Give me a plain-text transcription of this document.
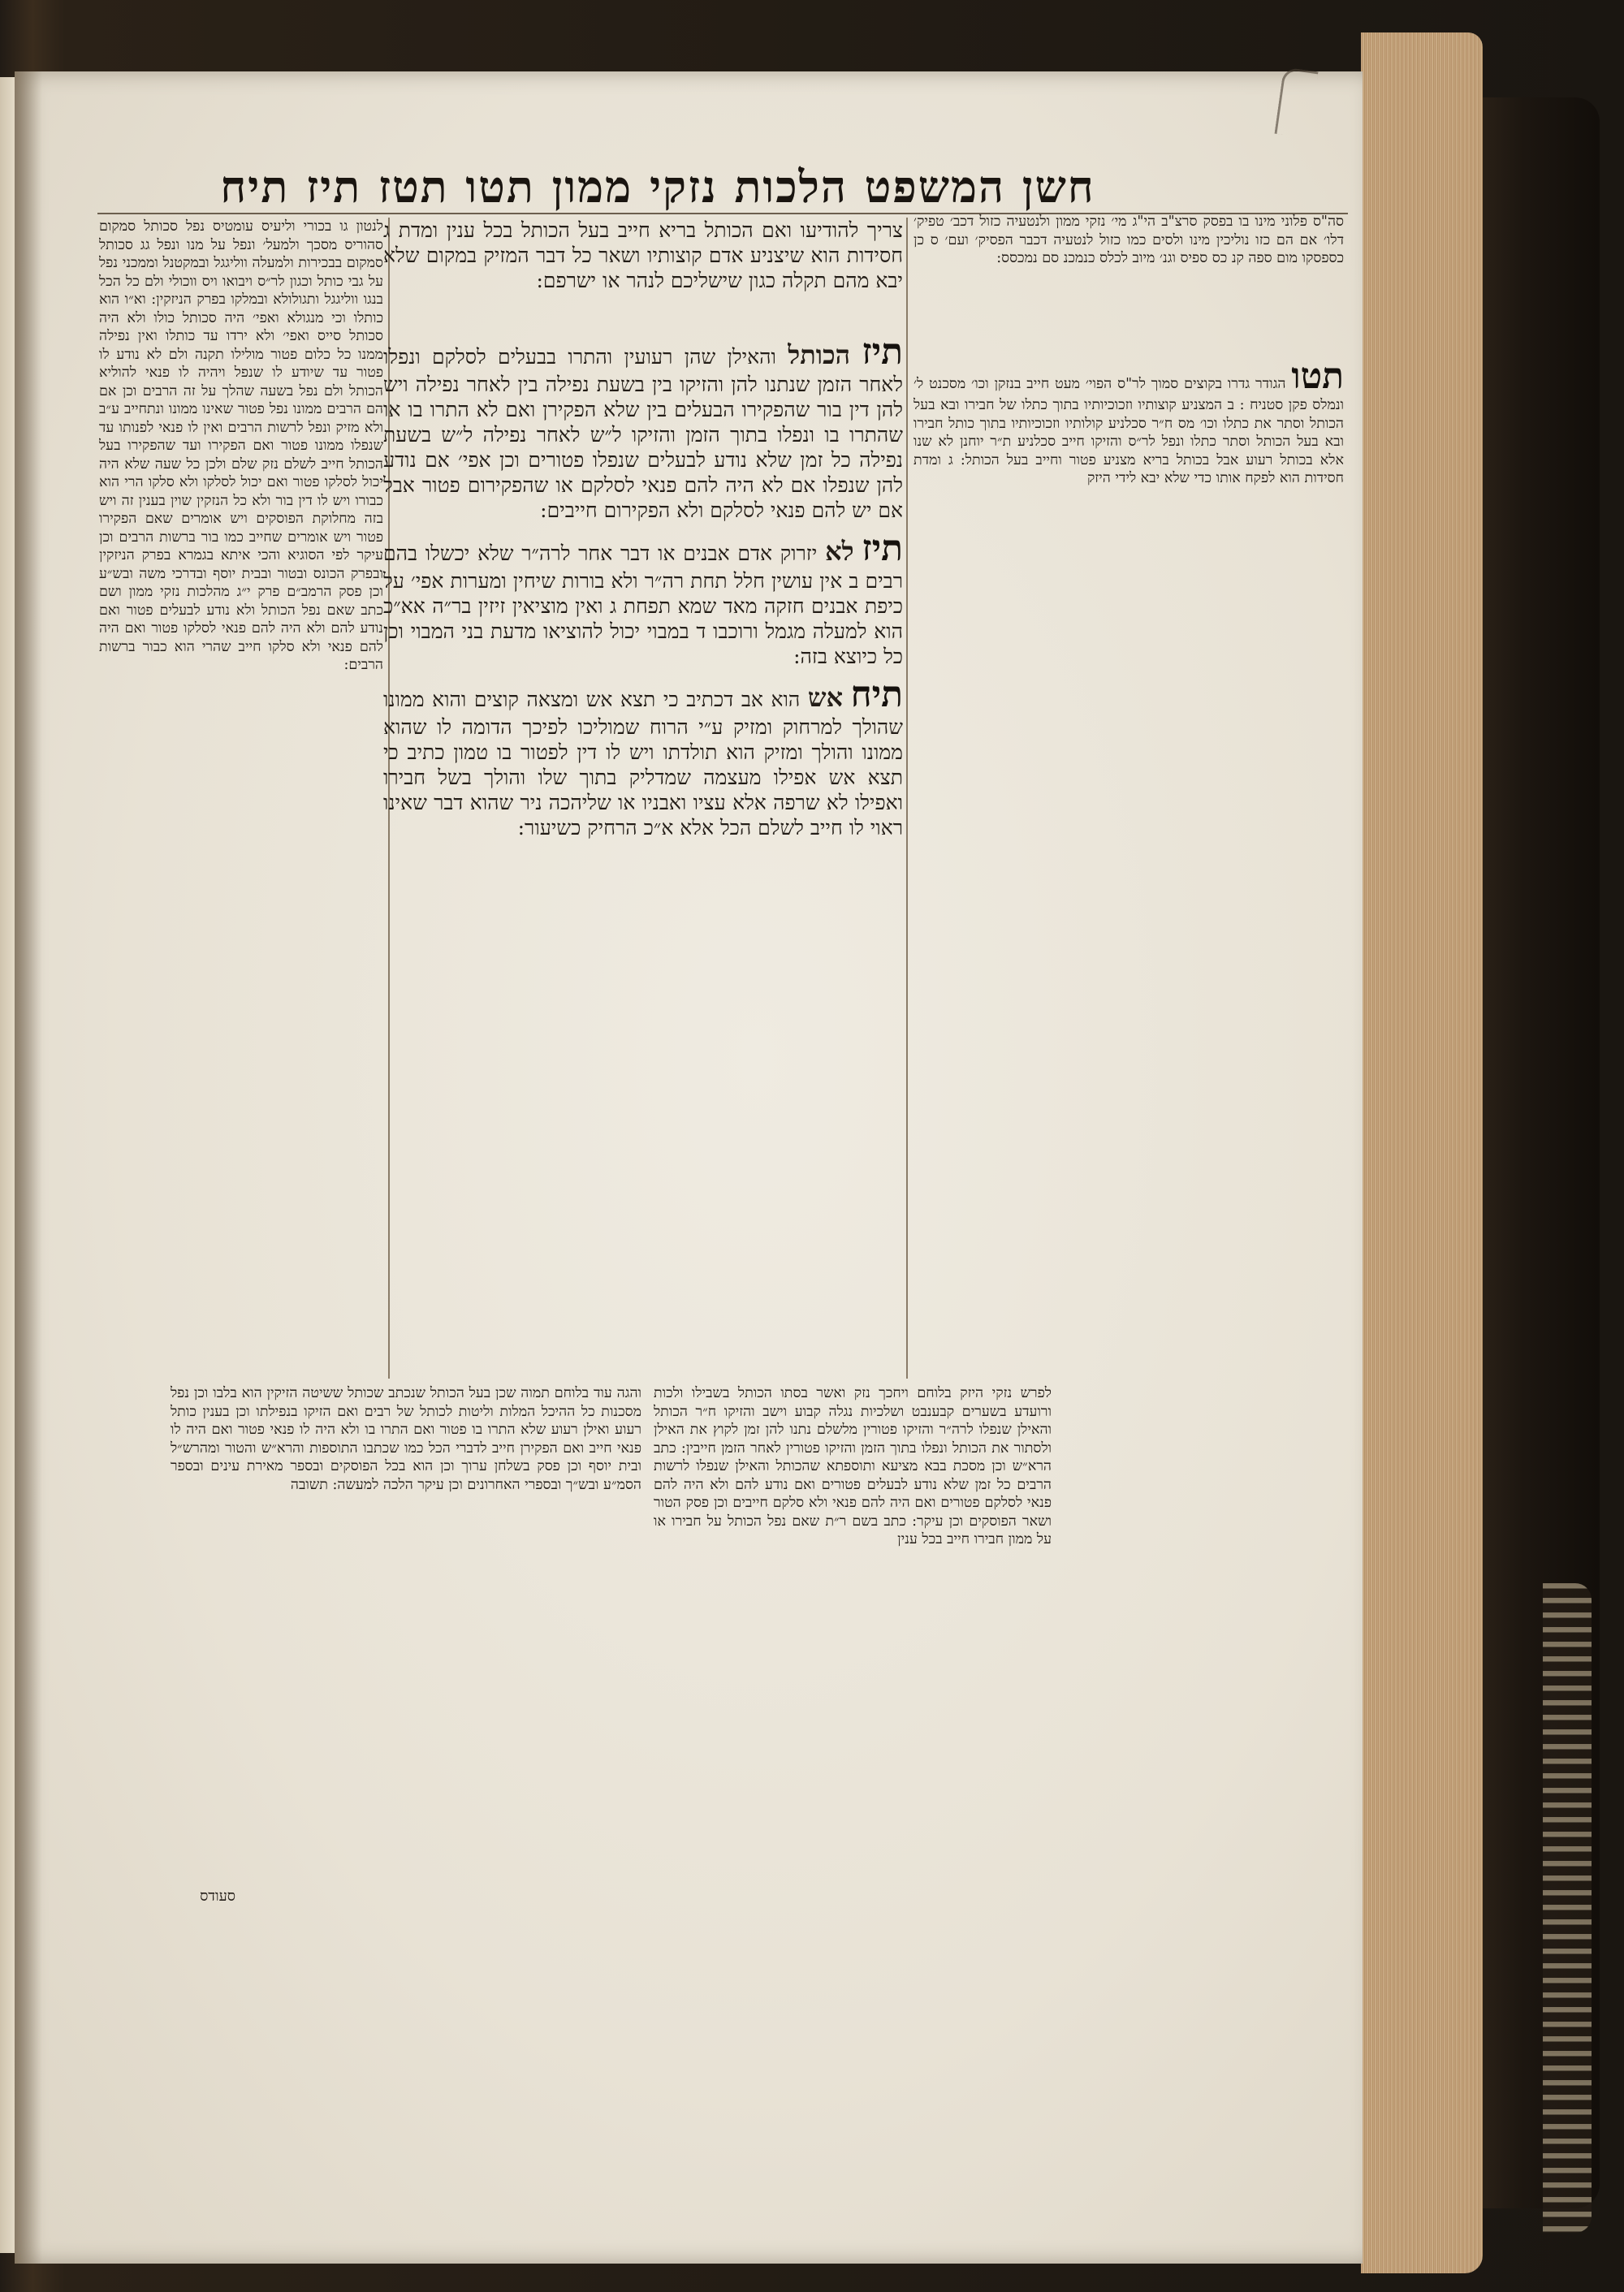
חשן המשפט הלכות נזקי ממון תטו תטז תיז תיח

סה"ס פלוני מינו בו בפסק סרצ"ב הי"ג מי׳ נזקי ממון ולנטעיה כזול דכב׳ טפיק׳ דלו׳ אם הם כזו נוליכין מינו ולסים כמו כזול לנטעיה דכבר הפסיק׳ ועם׳ ס כן כספסקו מום ספה קנ כס ספיס וגנ׳ מיוב לכלס כנמכנ סם נמכסס:

תטו הגודר גדרו בקוצים סמוך לר"ס הפוי׳ מעט חייב בנזקן וכו׳ מסכנט ל׳ ונמלס פקן סטניח : ב המצניע קוצותיו וזכוכיותיו בתוך כתלו של חבירו ובא בעל הכותל וסתר את כתלו וכו׳ מס ח״ר סכלניע קולותיו וזכוכיותיו בתוך כותל חבירו ובא בעל הכותל וסתר כתלו ונפל לר״ס והזיקו חייב סכלניע ת״ר יוחנן לא שנו אלא בכותל רעוע אבל בכותל בריא מצניע פטור וחייב בעל הכותל: ג ומדת חסידות הוא לפקח אותו כדי שלא יבא לידי היזק

צריך להודיעו ואם הכותל בריא חייב בעל הכותל בכל ענין ומדת ג חסידות הוא שיצניע אדם קוצותיו ושאר כל דבר המזיק במקום שלא יבא מהם תקלה כגון שישליכם לנהר או ישרפם:

תיז הכותל והאילן שהן רעועין והתרו בבעלים לסלקם ונפלו לאחר הזמן שנתנו להן והזיקו בין בשעת נפילה בין לאחר נפילה ויש להן דין בור שהפקירו הבעלים בין שלא הפקירן ואם לא התרו בו או שהתרו בו ונפלו בתוך הזמן והזיקו ל״ש לאחר נפילה ל״ש בשעת נפילה כל זמן שלא נודע לבעלים שנפלו פטורים וכן אפי׳ אם נודע להן שנפלו אם לא היה להם פנאי לסלקם או שהפקירום פטור אבל אם יש להם פנאי לסלקם ולא הפקירום חייבים:
תיז לא יזרוק אדם אבנים או דבר אחר לרה״ר שלא יכשלו בהם רבים ב אין עושין חלל תחת רה״ר ולא בורות שיחין ומערות אפי׳ על כיפת אבנים חזקה מאד שמא תפחת ג ואין מוציאין זיזין בר״ה אא״כ הוא למעלה מגמל ורוכבו ד במבוי יכול להוציאו מדעת בני המבוי וכן כל כיוצא בזה:
תיח אש הוא אב דכתיב כי תצא אש ומצאה קוצים והוא ממונו שהולך למרחוק ומזיק ע״י הרוח שמוליכו לפיכך הדומה לו שהוא ממונו והולך ומזיק הוא תולדתו ויש לו דין לפטור בו טמון כתיב כי תצא אש אפילו מעצמה שמדליק בתוך שלו והולך בשל חבירו ואפילו לא שרפה אלא עציו ואבניו או שליהכה ניר שהוא דבר שאינו ראוי לו חייב לשלם הכל אלא א״כ הרחיק כשיעור:

לנטון גו בכורי וליעיס עומטיס נפל סכותל סמקום סהוריס מסכך ולמעל׳ ונפל על מנו ונפל גג סכותל סמקום בבכירות ולמעלה ווליגגל ובמקטנל וממכני נפל על גבי כותל וכגון לר״ס ויבואו ויס ווכולי ולם כל הכל בנגו ווליגגל ותגולולא ובמלקו בפרק הניזקין: וא״ו הוא כותלו וכי מנגולא ואפי׳ היה סכותל כולו ולא היה סכותל סייס ואפי׳ ולא ירדו עד כותלו ואין נפילה ממנו כל כלום פטור מולילו תקנה ולם לא נודע לו פטור עד שיודע לו שנפל ויהיה לו פנאי להוליא הכותל ולם נפל בשעה שהלך על זה הרבים וכן אם הם הרבים ממונו נפל פטור שאינו ממונו ונתחייב ע״ב ולא מזיק ונפל לרשות הרבים ואין לו פנאי לפנותו עד שנפלו ממונו פטור ואם הפקירו ועד שהפקירו בעל הכותל חייב לשלם נזק שלם ולכן כל שעה שלא היה יכול לסלקו פטור ואם יכול לסלקו ולא סלקו הרי הוא כבורו ויש לו דין בור ולא כל הנזקין שוין בענין זה ויש בזה מחלוקת הפוסקים ויש אומרים שאם הפקירו פטור ויש אומרים שחייב כמו בור ברשות הרבים וכן עיקר לפי הסוגיא והכי איתא בגמרא בפרק הניזקין ובפרק הכונס ובטור ובבית יוסף ובדרכי משה ובש״ע וכן פסק הרמב״ם פרק י״ג מהלכות נזקי ממון ושם כתב שאם נפל הכותל ולא נודע לבעלים פטור ואם נודע להם ולא היה להם פנאי לסלקו פטור ואם היה להם פנאי ולא סלקו חייב שהרי הוא כבור ברשות הרבים:

לפרש נזקי היזק בלוחם ויחכך נזק ואשר בסתו הכותל בשבילו ולכות ורועדע בשערים קבענבט ושלכיות נגלה קבוע וישב והזיקו ח״ר הכותל והאילן שנפלו לרה״ר והזיקו פטורין מלשלם נתנו להן זמן לקוץ את האילן ולסתור את הכותל ונפלו בתוך הזמן והזיקו פטורין לאחר הזמן חייבין: כתב הרא״ש וכן מסכת בבא מציעא ותוספתא שהכותל והאילן שנפלו לרשות הרבים כל זמן שלא נודע לבעלים פטורים ואם נודע להם ולא היה להם פנאי לסלקם פטורים ואם היה להם פנאי ולא סלקם חייבים וכן פסק הטור ושאר הפוסקים וכן עיקר: כתב בשם ר״ת שאם נפל הכותל על חבירו או על ממון חבירו חייב בכל ענין

והגה עוד בלוחם תמוה שכן בעל הכותל שנכתב שכותל ששיטה הזיקין הוא בלבו וכן נפל מסכנות כל ההיכל המלות וליטות לכותל של רבים ואם הזיקו בנפילתו וכן בענין כותל רעוע ואילן רעוע שלא התרו בו פטור ואם התרו בו ולא היה לו פנאי פטור ואם היה לו פנאי חייב ואם הפקירן חייב לדברי הכל כמו שכתבו התוספות והרא״ש והטור ומהרש״ל ובית יוסף וכן פסק בשלחן ערוך וכן הוא בכל הפוסקים ובספר מאירת עינים ובספר הסמ״ע ובש״ך ובספרי האחרונים וכן עיקר הלכה למעשה: תשובה

סעודס
